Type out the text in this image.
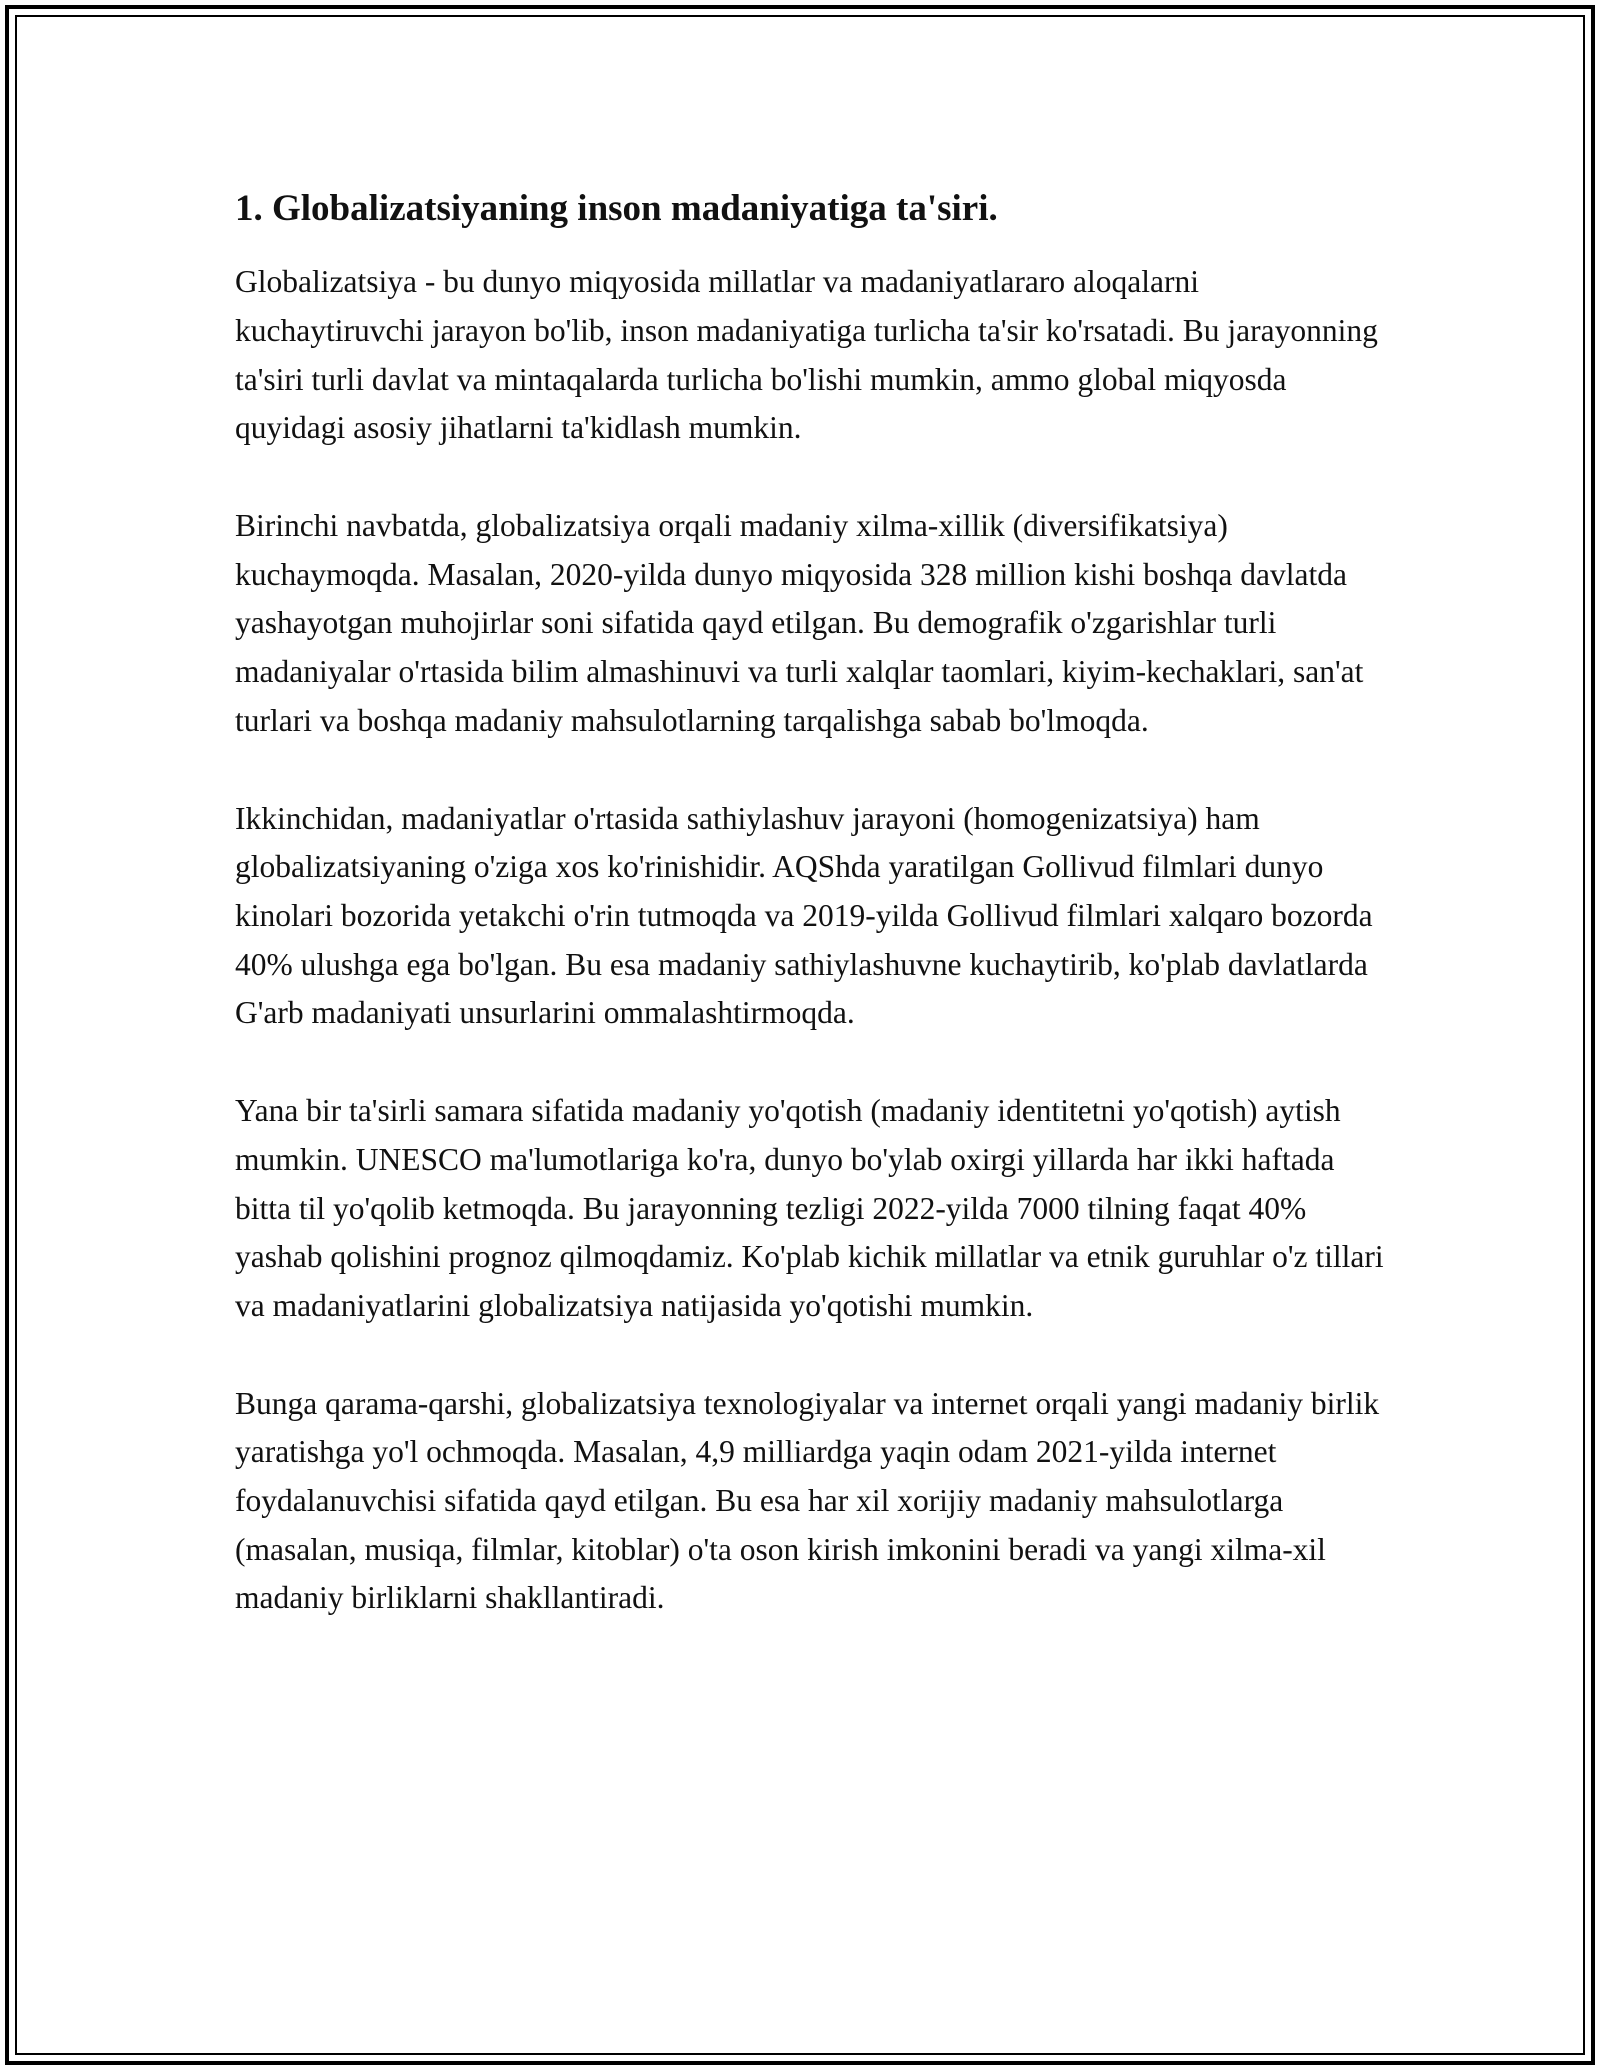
1. Globalizatsiyaning inson madaniyatiga ta'siri.

Globalizatsiya - bu dunyo miqyosida millatlar va madaniyatlararo aloqalarni kuchaytiruvchi jarayon bo'lib, inson madaniyatiga turlicha ta'sir ko'rsatadi. Bu jarayonning ta'siri turli davlat va mintaqalarda turlicha bo'lishi mumkin, ammo global miqyosda quyidagi asosiy jihatlarni ta'kidlash mumkin.

Birinchi navbatda, globalizatsiya orqali madaniy xilma-xillik (diversifikatsiya) kuchaymoqda. Masalan, 2020-yilda dunyo miqyosida 328 million kishi boshqa davlatda yashayotgan muhojirlar soni sifatida qayd etilgan. Bu demografik o'zgarishlar turli madaniyalar o'rtasida bilim almashinuvi va turli xalqlar taomlari, kiyim-kechaklari, san'at turlari va boshqa madaniy mahsulotlarning tarqalishga sabab bo'lmoqda.

Ikkinchidan, madaniyatlar o'rtasida sathiylashuv jarayoni (homogenizatsiya) ham globalizatsiyaning o'ziga xos ko'rinishidir. AQShda yaratilgan Gollivud filmlari dunyo kinolari bozorida yetakchi o'rin tutmoqda va 2019-yilda Gollivud filmlari xalqaro bozorda 40% ulushga ega bo'lgan. Bu esa madaniy sathiylashuvne kuchaytirib, ko'plab davlatlarda G'arb madaniyati unsurlarini ommalashtirmoqda.

Yana bir ta'sirli samara sifatida madaniy yo'qotish (madaniy identitetni yo'qotish) aytish mumkin. UNESCO ma'lumotlariga ko'ra, dunyo bo'ylab oxirgi yillarda har ikki haftada bitta til yo'qolib ketmoqda. Bu jarayonning tezligi 2022-yilda 7000 tilning faqat 40% yashab qolishini prognoz qilmoqdamiz. Ko'plab kichik millatlar va etnik guruhlar o'z tillari va madaniyatlarini globalizatsiya natijasida yo'qotishi mumkin.

Bunga qarama-qarshi, globalizatsiya texnologiyalar va internet orqali yangi madaniy birlik yaratishga yo'l ochmoqda. Masalan, 4,9 milliardga yaqin odam 2021-yilda internet foydalanuvchisi sifatida qayd etilgan. Bu esa har xil xorijiy madaniy mahsulotlarga (masalan, musiqa, filmlar, kitoblar) o'ta oson kirish imkonini beradi va yangi xilma-xil madaniy birliklarni shakllantiradi.
